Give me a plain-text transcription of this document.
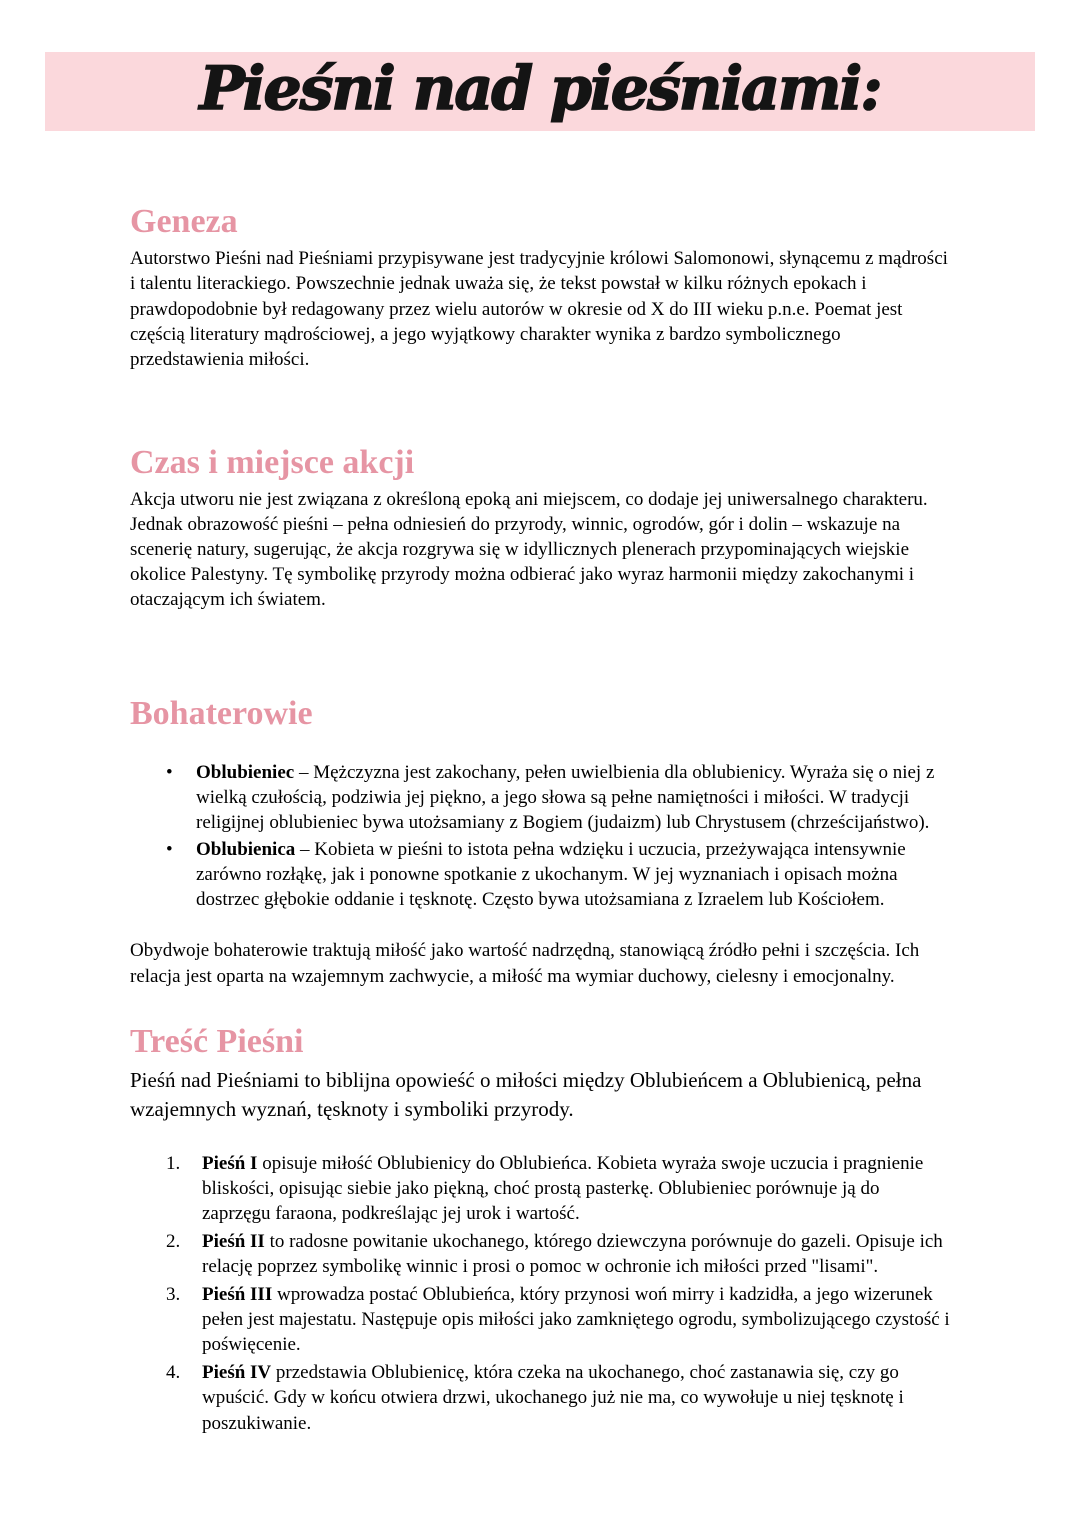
Pieśni nad pieśniami:
Geneza

Autorstwo Pieśni nad Pieśniami przypisywane jest tradycyjnie królowi Salomonowi, słynącemu z mądrości i talentu literackiego. Powszechnie jednak uważa się, że tekst powstał w kilku różnych epokach i prawdopodobnie był redagowany przez wielu autorów w okresie od X do III wieku p.n.e. Poemat jest częścią literatury mądrościowej, a jego wyjątkowy charakter wynika z bardzo symbolicznego przedstawienia miłości.

Czas i miejsce akcji

Akcja utworu nie jest związana z określoną epoką ani miejscem, co dodaje jej uniwersalnego charakteru. Jednak obrazowość pieśni – pełna odniesień do przyrody, winnic, ogrodów, gór i dolin – wskazuje na scenerię natury, sugerując, że akcja rozgrywa się w idyllicznych plenerach przypominających wiejskie okolice Palestyny. Tę symbolikę przyrody można odbierać jako wyraz harmonii między zakochanymi i otaczającym ich światem.

Bohaterowie
•	Oblubieniec – Mężczyzna jest zakochany, pełen uwielbienia dla oblubienicy. Wyraża się o niej z wielką czułością, podziwia jej piękno, a jego słowa są pełne namiętności i miłości. W tradycji religijnej oblubieniec bywa utożsamiany z Bogiem (judaizm) lub Chrystusem (chrześcijaństwo).
•	Oblubienica – Kobieta w pieśni to istota pełna wdzięku i uczucia, przeżywająca intensywnie zarówno rozłąkę, jak i ponowne spotkanie z ukochanym. W jej wyznaniach i opisach można dostrzec głębokie oddanie i tęsknotę. Często bywa utożsamiana z Izraelem lub Kościołem.

Obydwoje bohaterowie traktują miłość jako wartość nadrzędną, stanowiącą źródło pełni i szczęścia. Ich relacja jest oparta na wzajemnym zachwycie, a miłość ma wymiar duchowy, cielesny i emocjonalny.

Treść Pieśni

Pieśń nad Pieśniami to biblijna opowieść o miłości między Oblubieńcem a Oblubienicą, pełna wzajemnych wyznań, tęsknoty i symboliki przyrody.

1.	Pieśń I opisuje miłość Oblubienicy do Oblubieńca. Kobieta wyraża swoje uczucia i pragnienie bliskości, opisując siebie jako piękną, choć prostą pasterkę. Oblubieniec porównuje ją do zaprzęgu faraona, podkreślając jej urok i wartość.
2.	Pieśń II to radosne powitanie ukochanego, którego dziewczyna porównuje do gazeli. Opisuje ich relację poprzez symbolikę winnic i prosi o pomoc w ochronie ich miłości przed "lisami".
3.	Pieśń III wprowadza postać Oblubieńca, który przynosi woń mirry i kadzidła, a jego wizerunek pełen jest majestatu. Następuje opis miłości jako zamkniętego ogrodu, symbolizującego czystość i poświęcenie.
4.	Pieśń IV przedstawia Oblubienicę, która czeka na ukochanego, choć zastanawia się, czy go wpuścić. Gdy w końcu otwiera drzwi, ukochanego już nie ma, co wywołuje u niej tęsknotę i poszukiwanie.
